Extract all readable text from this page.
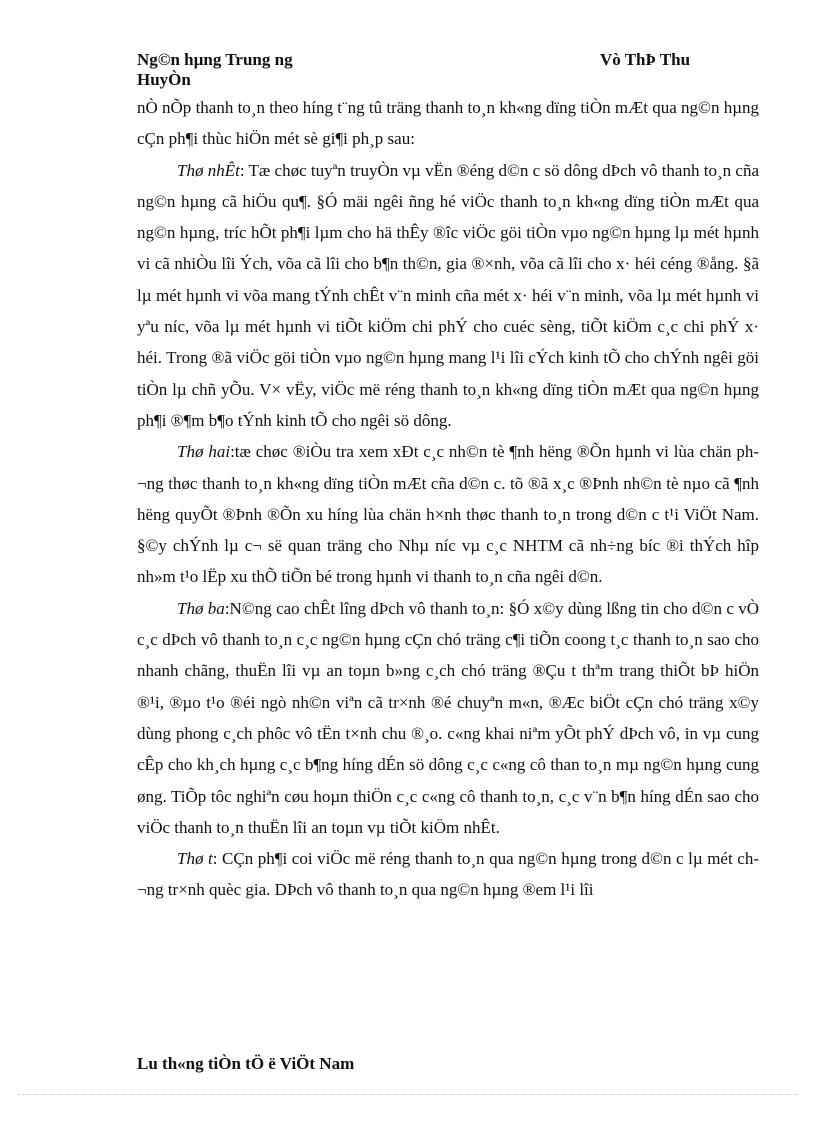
Ng©n hµng Trung ng	Vò ThÞ Thu
HuyÒn

nÒ nÕp thanh to¸n theo híng t¨ng tû träng thanh to¸n kh«ng dïng tiÒn mÆt qua ng©n hµng cÇn ph¶i thùc hiÖn mét sè gi¶i ph¸p sau:

Thø nhÊt: Tæ chøc tuyªn truyÒn vµ vËn ®éng d©n c sö dông dÞch vô thanh to¸n cña ng©n hµng cã hiÖu qu¶. §Ó mäi ngêi ñng hé viÖc thanh to¸n kh«ng dïng tiÒn mÆt qua ng©n hµng, tríc hÕt ph¶i lµm cho hä thÊy ®îc viÖc göi tiÒn vµo ng©n hµng lµ mét hµnh vi cã nhiÒu lîi Ých, võa cã lîi cho b¶n th©n, gia ®×nh, võa cã lîi cho x· héi céng ®ång. §ã lµ mét hµnh vi võa mang tÝnh chÊt v¨n minh cña mét x· héi v¨n minh, võa lµ mét hµnh vi yªu níc, võa lµ mét hµnh vi tiÕt kiÖm chi phÝ cho cuéc sèng, tiÕt kiÖm c¸c chi phÝ x· héi. Trong ®ã viÖc göi tiÒn vµo ng©n hµng mang l¹i lîi cÝch kinh tÕ cho chÝnh ngêi göi tiÒn lµ chñ yÕu. V× vËy, viÖc më réng thanh to¸n kh«ng dïng tiÒn mÆt qua ng©n hµng ph¶i ®¶m b¶o tÝnh kinh tÕ cho ngêi sö dông.

Thø hai:tæ chøc ®iÒu tra xem xÐt c¸c nh©n tè ¶nh hëng ®Õn hµnh vi lùa chän ph¬ng thøc thanh to¸n kh«ng dïng tiÒn mÆt cña d©n c. tõ ®ã x¸c ®Þnh nh©n tè nµo cã ¶nh hëng quyÕt ®Þnh ®Õn xu híng lùa chän h×nh thøc thanh to¸n trong d©n c t¹i ViÖt Nam. §©y chÝnh lµ c¬ së quan träng cho Nhµ níc vµ c¸c NHTM cã nh÷ng bíc ®i thÝch hîp nh»m t¹o lËp xu thÕ tiÕn bé trong hµnh vi thanh to¸n cña ngêi d©n.

Thø ba:N©ng cao chÊt lîng dÞch vô thanh to¸n: §Ó x©y dùng lßng tin cho d©n c vÒ c¸c dÞch vô thanh to¸n c¸c ng©n hµng cÇn chó träng c¶i tiÕn coong t¸c thanh to¸n sao cho nhanh chãng, thuËn lîi vµ an toµn b»ng c¸ch chó träng ®Çu t thªm trang thiÕt bÞ hiÖn ®¹i, ®µo t¹o ®éi ngò nh©n viªn cã tr×nh ®é chuyªn m«n, ®Æc biÖt cÇn chó träng x©y dùng phong c¸ch phôc vô tËn t×nh chu ®¸o. c«ng khai niªm yÕt phÝ dÞch vô, in vµ cung cÊp cho kh¸ch hµng c¸c b¶ng híng dÉn sö dông c¸c c«ng cô than to¸n mµ ng©n hµng cung øng. TiÕp tôc nghiªn cøu hoµn thiÖn c¸c c«ng cô thanh to¸n, c¸c v¨n b¶n híng dÉn sao cho viÖc thanh to¸n thuËn lîi an toµn vµ tiÕt kiÖm nhÊt.

Thø t: CÇn ph¶i coi viÖc më réng thanh to¸n qua ng©n hµng trong d©n c lµ mét ch¬ng tr×nh quèc gia. DÞch vô thanh to¸n qua ng©n hµng ®em l¹i lîi

Lu th«ng tiÒn tÖ ë ViÖt Nam
